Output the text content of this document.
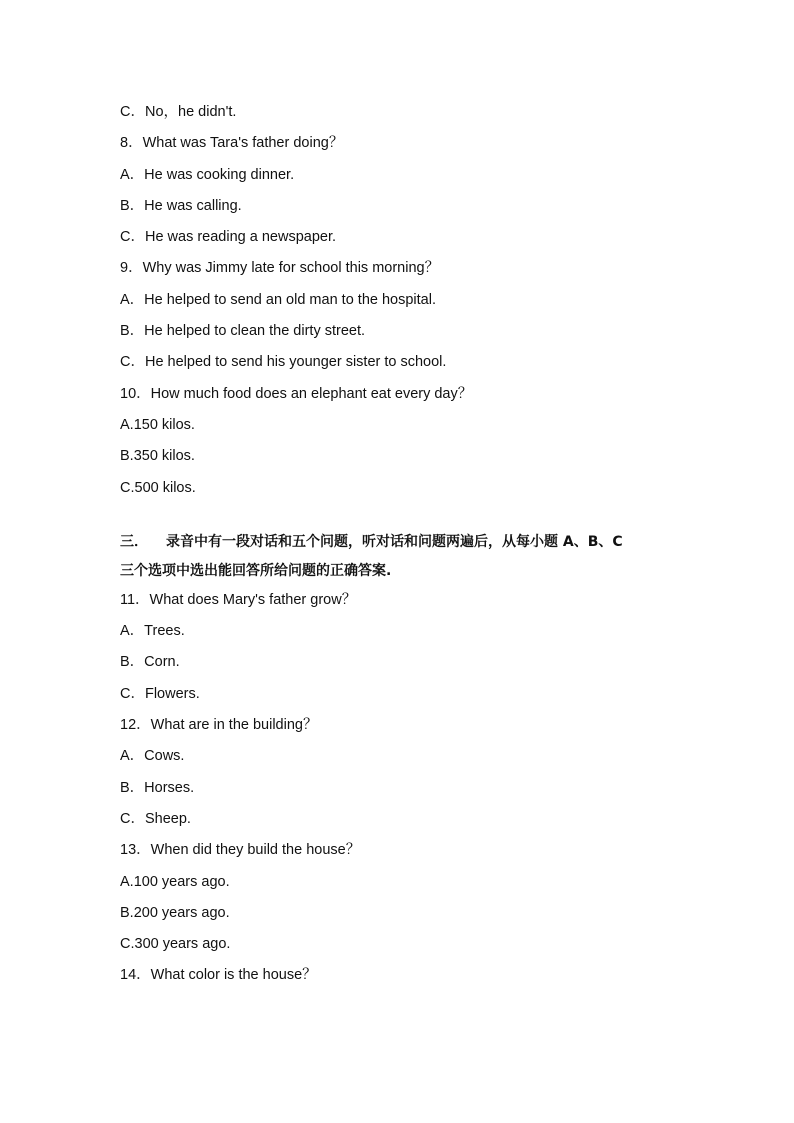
C．No，he didn't.

8．What was Tara's father doing？

A．He was cooking dinner.

B．He was calling.

C．He was reading a newspaper.

9．Why was Jimmy late for school this morning？

A．He helped to send an old man to the hospital.

B．He helped to clean the dirty street.

C．He helped to send his younger sister to school.

10．How much food does an elephant eat every day？

A.150 kilos.

B.350 kilos.

C.500 kilos.

三． 录音中有一段对话和五个问题，听对话和问题两遍后，从每小题 A、B、C

三个选项中选出能回答所给问题的正确答案.

11．What does Mary's father grow？

A．Trees.

B．Corn.

C．Flowers.

12．What are in the building？

A．Cows.

B．Horses.

C．Sheep.

13．When did they build the house？

A.100 years ago.

B.200 years ago.

C.300 years ago.

14．What color is the house？
